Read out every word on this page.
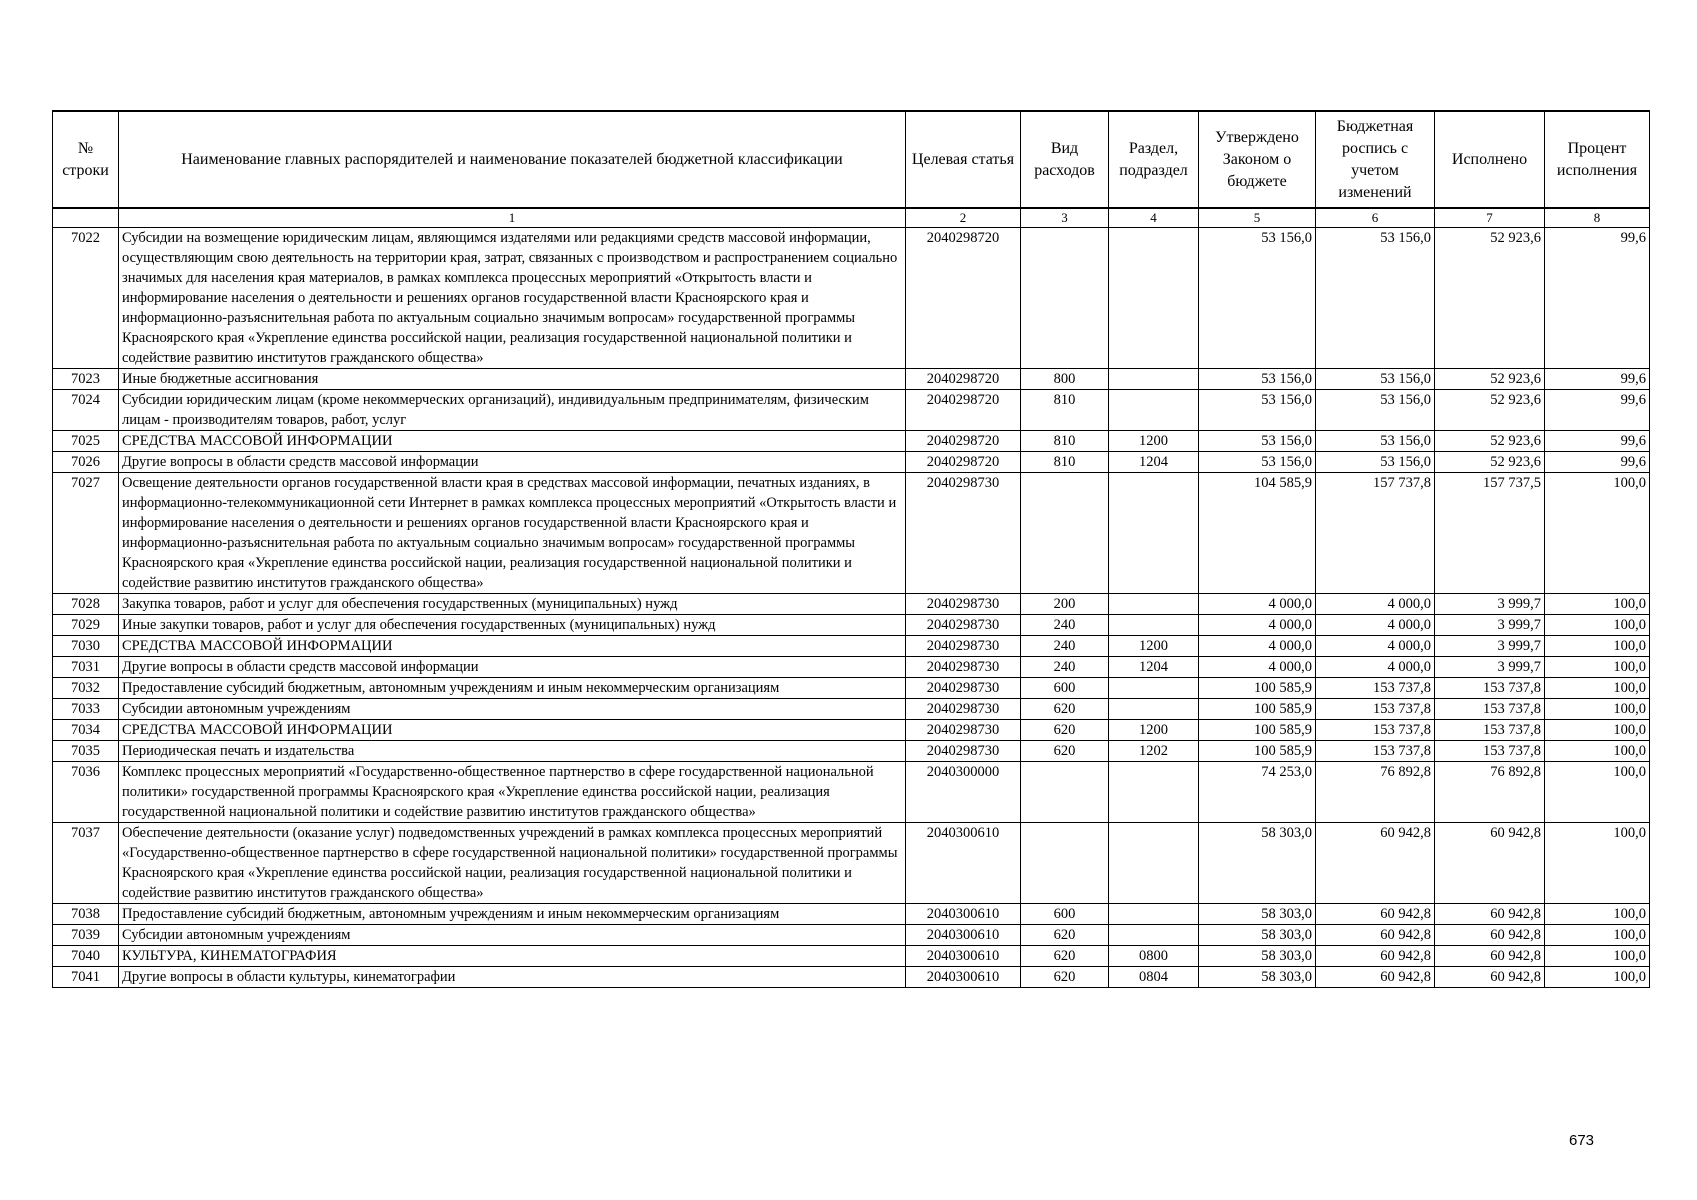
№ строки	Наименование главных распорядителей и наименование показателей бюджетной классификации	Целевая статья	Вид расходов	Раздел, подраздел	Утверждено Законом о бюджете	Бюджетная роспись с учетом изменений	Исполнено	Процент исполнения
	1	2	3	4	5	6	7	8
7022	Субсидии на возмещение юридическим лицам, являющимся издателями или редакциями средств массовой информации, осуществляющим свою деятельность на территории края, затрат, связанных с производством и распространением социально значимых для населения края материалов, в рамках комплекса процессных мероприятий «Открытость власти и информирование населения о деятельности и решениях органов государственной власти Красноярского края и информационно-разъяснительная работа по актуальным социально значимым вопросам» государственной программы Красноярского края «Укрепление единства российской нации, реализация государственной национальной политики и содействие развитию институтов гражданского общества»	2040298720			53 156,0	53 156,0	52 923,6	99,6
7023	Иные бюджетные ассигнования	2040298720	800		53 156,0	53 156,0	52 923,6	99,6
7024	Субсидии юридическим лицам (кроме некоммерческих организаций), индивидуальным предпринимателям, физическим лицам - производителям товаров, работ, услуг	2040298720	810		53 156,0	53 156,0	52 923,6	99,6
7025	СРЕДСТВА МАССОВОЙ ИНФОРМАЦИИ	2040298720	810	1200	53 156,0	53 156,0	52 923,6	99,6
7026	Другие вопросы в области средств массовой информации	2040298720	810	1204	53 156,0	53 156,0	52 923,6	99,6
7027	Освещение деятельности органов государственной власти края в средствах массовой информации, печатных изданиях, в информационно-телекоммуникационной сети Интернет в рамках комплекса процессных мероприятий «Открытость власти и информирование населения о деятельности и решениях органов государственной власти Красноярского края и информационно-разъяснительная работа по актуальным социально значимым вопросам» государственной программы Красноярского края «Укрепление единства российской нации, реализация государственной национальной политики и содействие развитию институтов гражданского общества»	2040298730			104 585,9	157 737,8	157 737,5	100,0
7028	Закупка товаров, работ и услуг для обеспечения государственных (муниципальных) нужд	2040298730	200		4 000,0	4 000,0	3 999,7	100,0
7029	Иные закупки товаров, работ и услуг для обеспечения государственных (муниципальных) нужд	2040298730	240		4 000,0	4 000,0	3 999,7	100,0
7030	СРЕДСТВА МАССОВОЙ ИНФОРМАЦИИ	2040298730	240	1200	4 000,0	4 000,0	3 999,7	100,0
7031	Другие вопросы в области средств массовой информации	2040298730	240	1204	4 000,0	4 000,0	3 999,7	100,0
7032	Предоставление субсидий бюджетным, автономным учреждениям и иным некоммерческим организациям	2040298730	600		100 585,9	153 737,8	153 737,8	100,0
7033	Субсидии автономным учреждениям	2040298730	620		100 585,9	153 737,8	153 737,8	100,0
7034	СРЕДСТВА МАССОВОЙ ИНФОРМАЦИИ	2040298730	620	1200	100 585,9	153 737,8	153 737,8	100,0
7035	Периодическая печать и издательства	2040298730	620	1202	100 585,9	153 737,8	153 737,8	100,0
7036	Комплекс процессных мероприятий «Государственно-общественное партнерство в сфере государственной национальной политики» государственной программы Красноярского края «Укрепление единства российской нации, реализация государственной национальной политики и содействие развитию институтов гражданского общества»	2040300000			74 253,0	76 892,8	76 892,8	100,0
7037	Обеспечение деятельности (оказание услуг) подведомственных учреждений в рамках комплекса процессных мероприятий «Государственно-общественное партнерство в сфере государственной национальной политики» государственной программы Красноярского края «Укрепление единства российской нации, реализация государственной национальной политики и содействие развитию институтов гражданского общества»	2040300610			58 303,0	60 942,8	60 942,8	100,0
7038	Предоставление субсидий бюджетным, автономным учреждениям и иным некоммерческим организациям	2040300610	600		58 303,0	60 942,8	60 942,8	100,0
7039	Субсидии автономным учреждениям	2040300610	620		58 303,0	60 942,8	60 942,8	100,0
7040	КУЛЬТУРА, КИНЕМАТОГРАФИЯ	2040300610	620	0800	58 303,0	60 942,8	60 942,8	100,0
7041	Другие вопросы в области культуры, кинематографии	2040300610	620	0804	58 303,0	60 942,8	60 942,8	100,0
673
